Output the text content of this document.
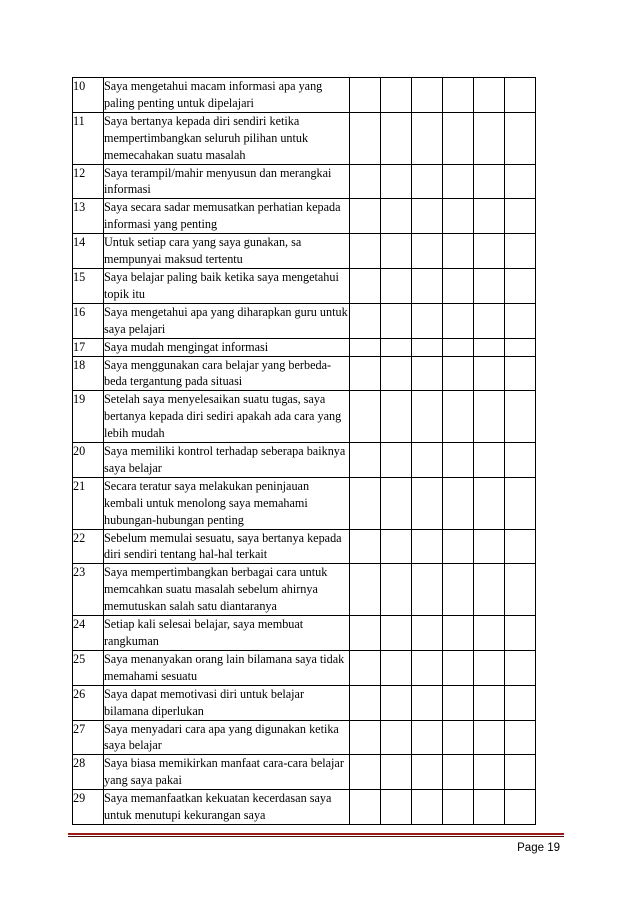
10	Saya mengetahui macam informasi apa yang paling penting untuk dipelajari						
11	Saya bertanya kepada diri sendiri ketika mempertimbangkan seluruh pilihan untuk memecahakan suatu masalah						
12	Saya terampil/mahir menyusun dan merangkai informasi						
13	Saya secara sadar memusatkan perhatian kepada informasi yang penting						
14	Untuk setiap cara yang saya gunakan, sa mempunyai maksud tertentu						
15	Saya belajar paling baik ketika saya mengetahui topik itu						
16	Saya mengetahui apa yang diharapkan guru untuk saya pelajari						
17	Saya mudah mengingat informasi						
18	Saya menggunakan cara belajar yang berbeda-beda tergantung pada situasi						
19	Setelah saya menyelesaikan suatu tugas, saya bertanya kepada diri sediri apakah ada cara yang lebih mudah						
20	Saya memiliki kontrol terhadap seberapa baiknya saya belajar						
21	Secara teratur saya melakukan peninjauan kembali untuk menolong saya memahami hubungan-hubungan penting						
22	Sebelum memulai sesuatu, saya bertanya kepada diri sendiri tentang hal-hal terkait						
23	Saya mempertimbangkan berbagai cara untuk memcahkan suatu masalah sebelum ahirnya memutuskan salah satu diantaranya						
24	Setiap kali selesai belajar, saya membuat rangkuman						
25	Saya menanyakan orang lain bilamana saya tidak memahami sesuatu						
26	Saya dapat memotivasi diri untuk belajar bilamana diperlukan						
27	Saya menyadari cara apa yang digunakan ketika saya belajar						
28	Saya biasa memikirkan manfaat cara-cara belajar yang saya pakai						
29	Saya memanfaatkan kekuatan kecerdasan saya untuk menutupi kekurangan saya						
Page 19
